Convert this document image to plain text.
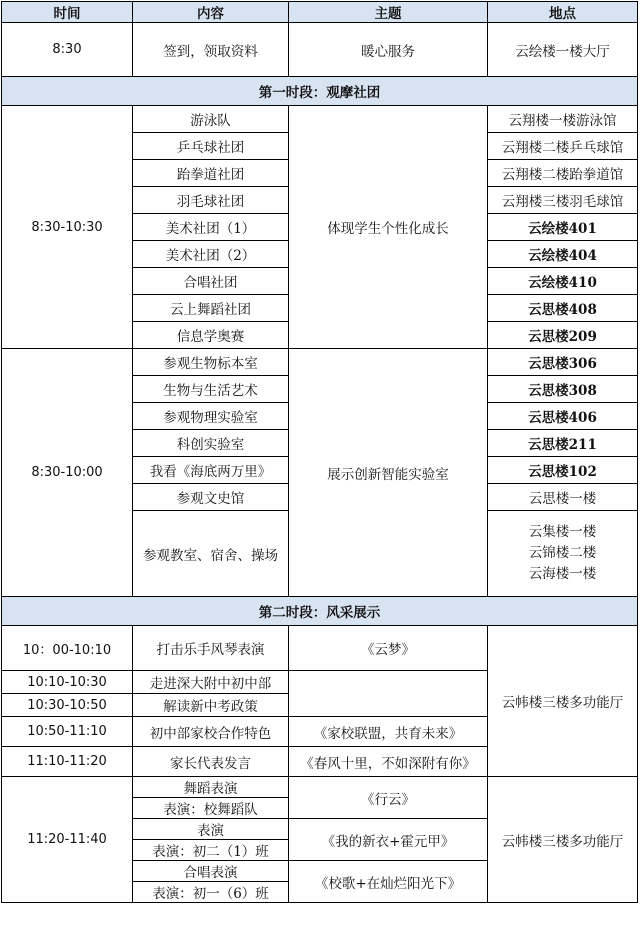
时间	内容	主题	地点
8:30	签到，领取资料	暖心服务	云绘楼一楼大厅
第一时段：观摩社团			
8:30-10:30	游泳队	体现学生个性化成长	云翔楼一楼游泳馆
	乒乓球社团		云翔楼二楼乒乓球馆
	跆拳道社团		云翔楼二楼跆拳道馆
	羽毛球社团		云翔楼三楼羽毛球馆
	美术社团（1）		云绘楼401
	美术社团（2）		云绘楼404
	合唱社团		云绘楼410
	云上舞蹈社团		云思楼408
	信息学奥赛		云思楼209
8:30-10:00	参观生物标本室	展示创新智能实验室	云思楼306
	生物与生活艺术		云思楼308
	参观物理实验室		云思楼406
	科创实验室		云思楼211
	我看《海底两万里》		云思楼102
	参观文史馆		云思楼一楼
	参观教室、宿舍、操场		云集楼一楼
云锦楼二楼
云海楼一楼

第二时段：风采展示			
10：00-10:10	打击乐手风琴表演	《云梦》	云帏楼三楼多功能厅
10:10-10:30	走进深大附中初中部		
10:30-10:50	解读新中考政策		
10:50-11:10	初中部家校合作特色	《家校联盟，共育未来》	
11:10-11:20	家长代表发言	《春风十里，不如深附有你》	
11:20-11:40	舞蹈表演	《行云》	云帏楼三楼多功能厅
	表演：校舞蹈队		
	表演	《我的新衣+霍元甲》	
	表演：初二（1）班		
	合唱表演	《校歌+在灿烂阳光下》	
	表演：初一（6）班		
